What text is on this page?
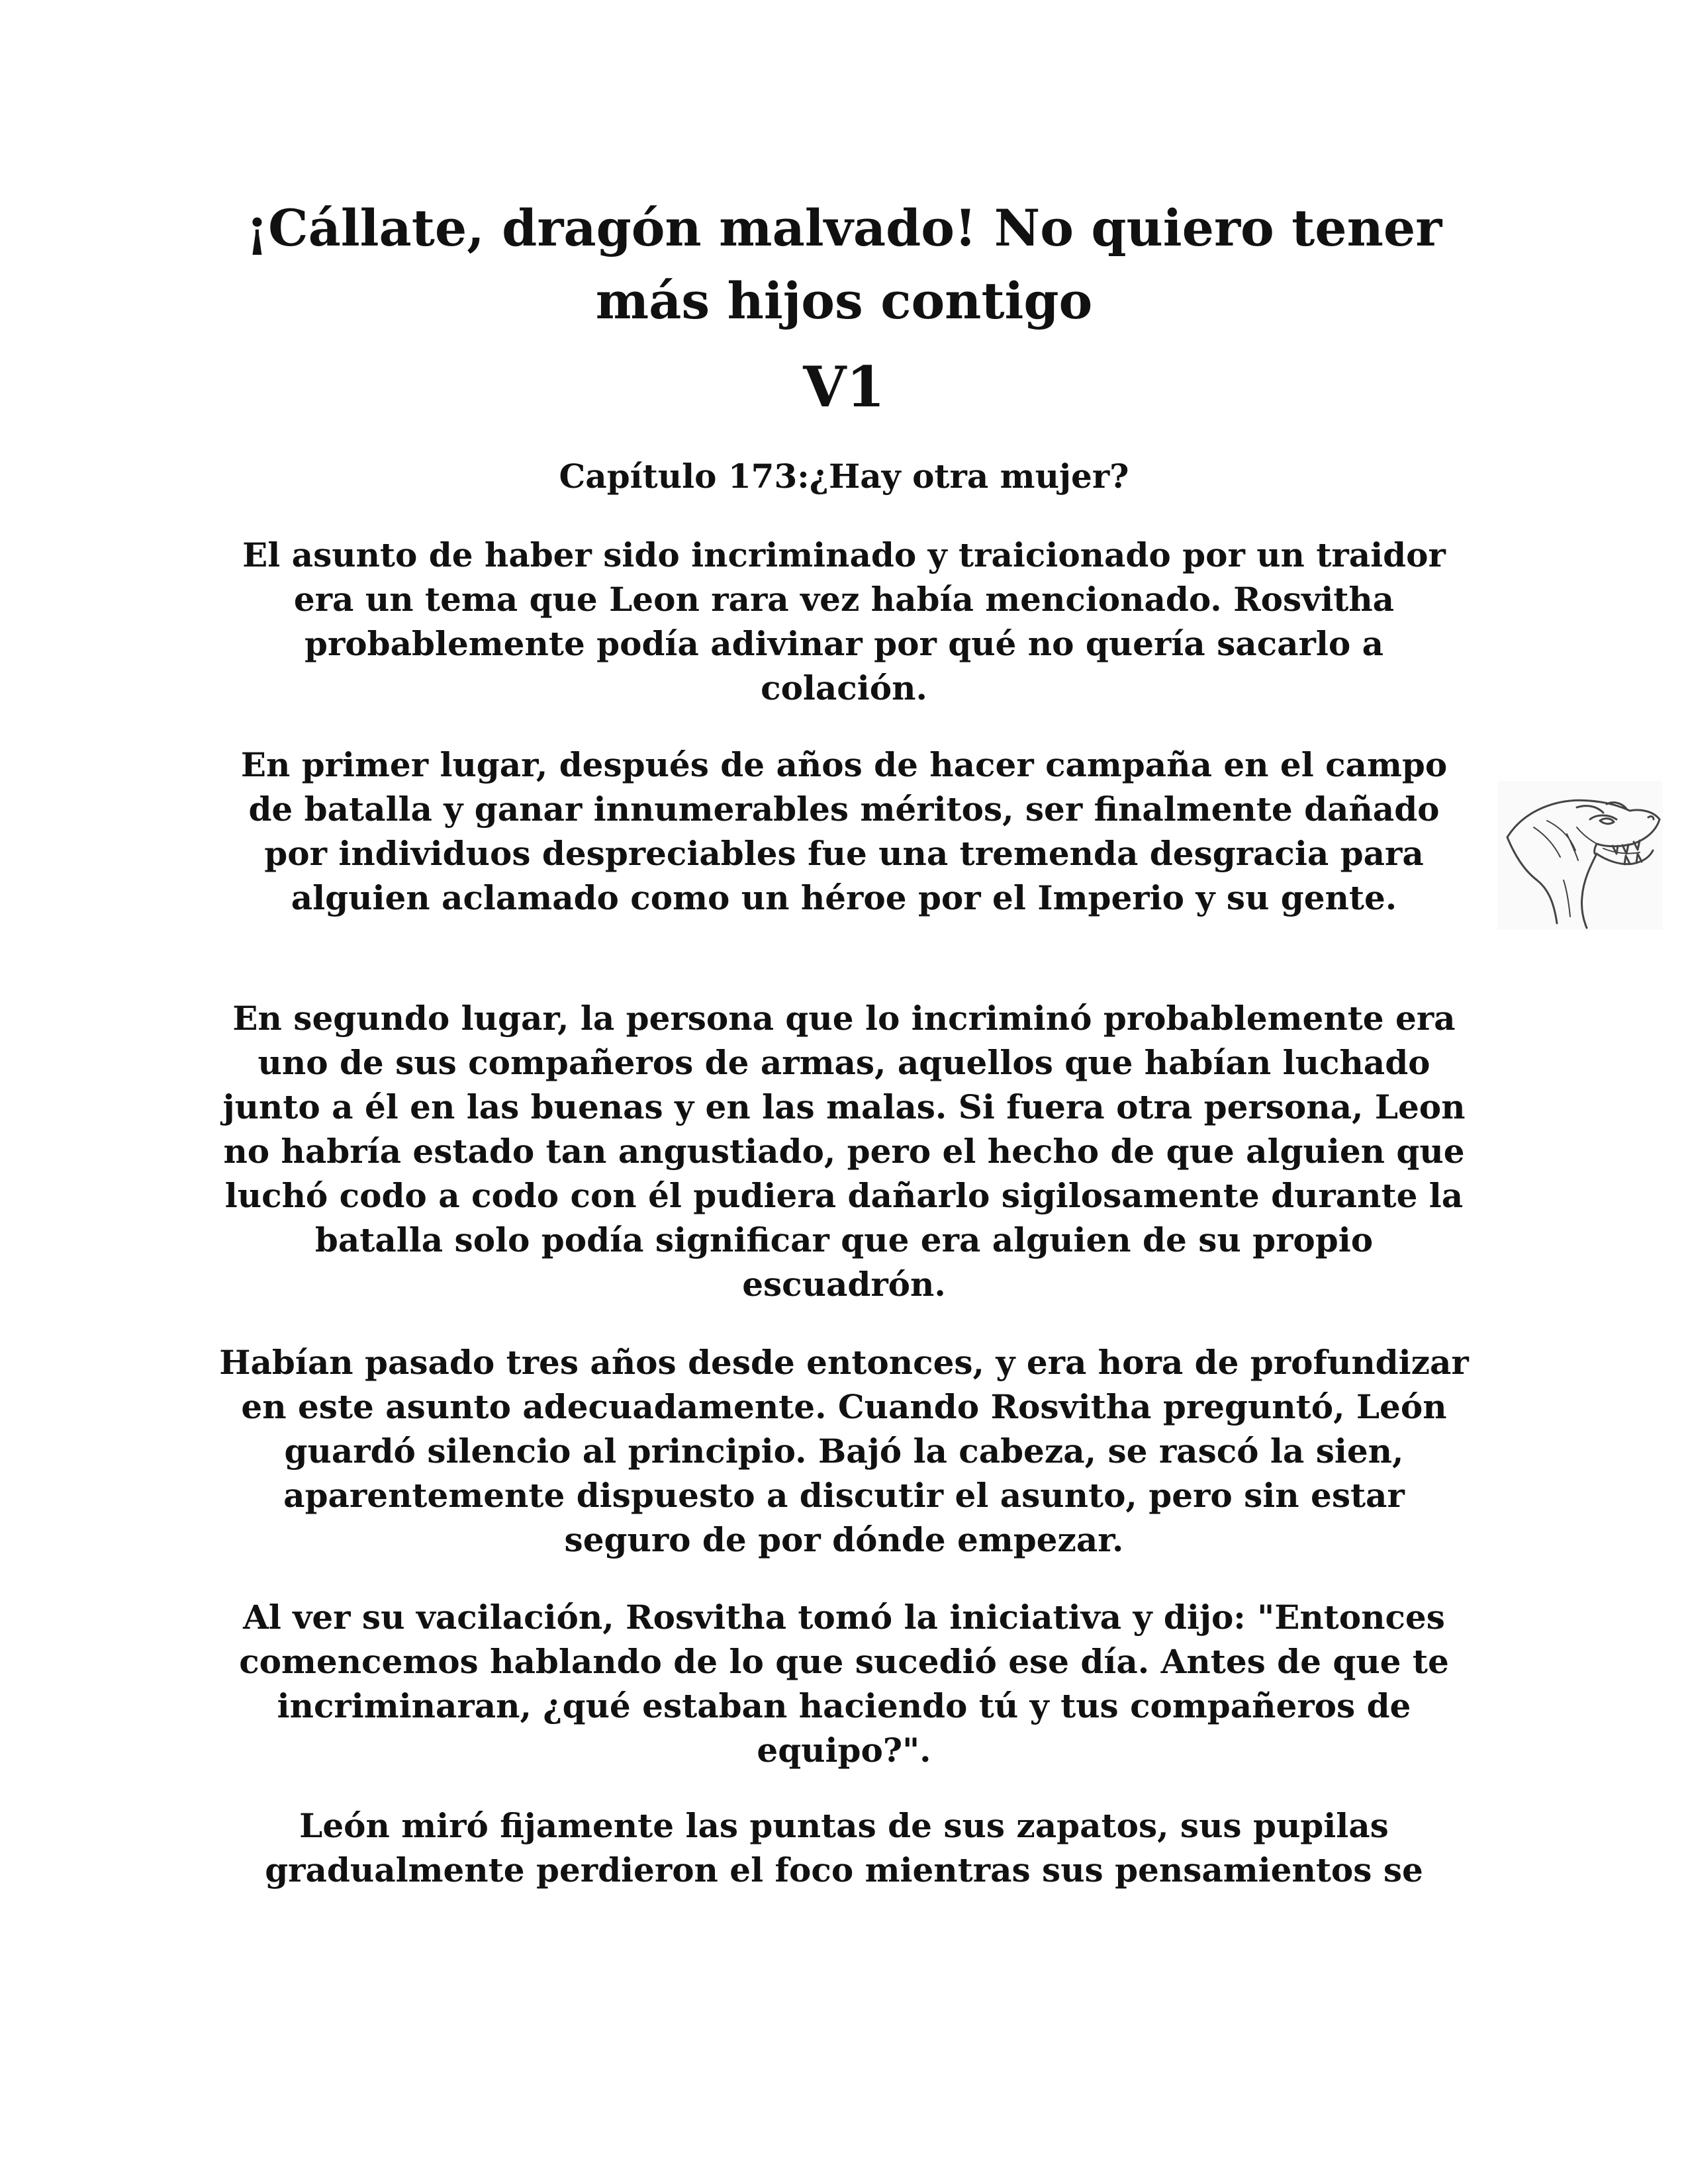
¡Cállate, dragón malvado! No quiero tener más hijos contigo
V1
Capítulo 173:¿Hay otra mujer?

El asunto de haber sido incriminado y traicionado por un traidor era un tema que Leon rara vez había mencionado. Rosvitha probablemente podía adivinar por qué no quería sacarlo a colación.

En primer lugar, después de años de hacer campaña en el campo de batalla y ganar innumerables méritos, ser finalmente dañado por individuos despreciables fue una tremenda desgracia para alguien aclamado como un héroe por el Imperio y su gente.

En segundo lugar, la persona que lo incriminó probablemente era uno de sus compañeros de armas, aquellos que habían luchado junto a él en las buenas y en las malas. Si fuera otra persona, Leon no habría estado tan angustiado, pero el hecho de que alguien que luchó codo a codo con él pudiera dañarlo sigilosamente durante la batalla solo podía significar que era alguien de su propio escuadrón.

Habían pasado tres años desde entonces, y era hora de profundizar en este asunto adecuadamente. Cuando Rosvitha preguntó, León guardó silencio al principio. Bajó la cabeza, se rascó la sien, aparentemente dispuesto a discutir el asunto, pero sin estar seguro de por dónde empezar.

Al ver su vacilación, Rosvitha tomó la iniciativa y dijo: "Entonces comencemos hablando de lo que sucedió ese día. Antes de que te incriminaran, ¿qué estaban haciendo tú y tus compañeros de equipo?".

León miró fijamente las puntas de sus zapatos, sus pupilas gradualmente perdieron el foco mientras sus pensamientos se
